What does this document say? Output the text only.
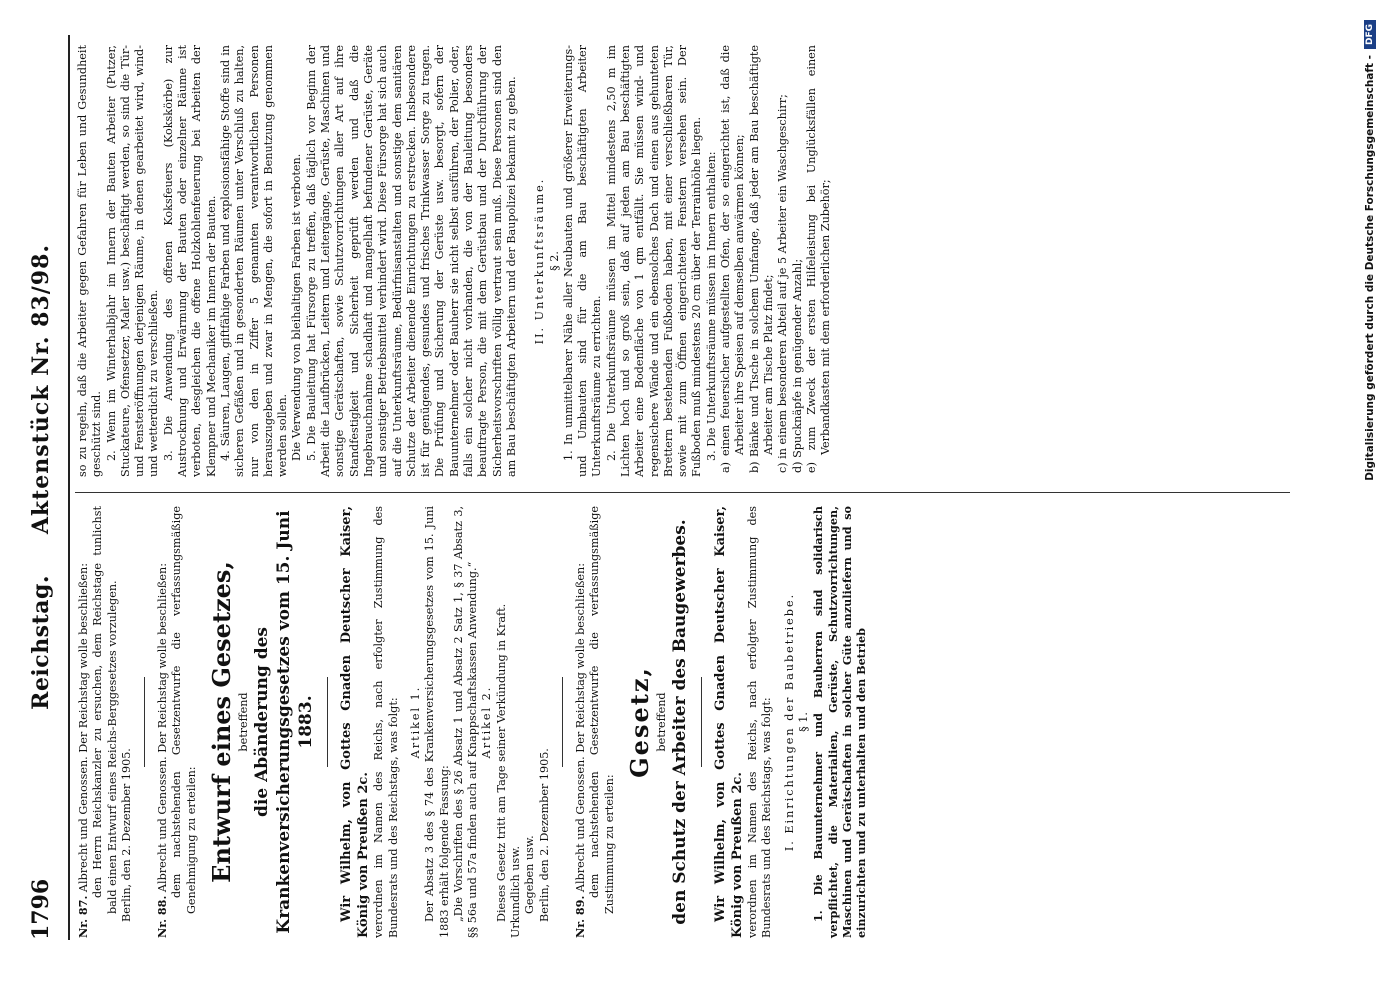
1796
Reichstag.     Aktenstück Nr. 83/98.

Nr. 87. Albrecht und Genossen. Der Reichstag wolle beschließen: den Herrn Reichskanzler zu ersuchen, dem Reichstage tunlichst bald einen Entwurf eines Reichs-Berggesetzes vorzulegen. Berlin, den 2. Dezember 1905. Nr. 88. Albrecht und Genossen. Der Reichstag wolle beschließen: dem nachstehenden Gesetzentwurfe die verfassungsmäßige Genehmigung zu erteilen: Entwurf eines Gesetzes, betreffend die Abänderung des Krankenversicherungsgesetzes vom 15. Juni 1883. Wir Wilhelm, von Gottes Gnaden Deutscher Kaiser, König von Preußen 2c. verordnen im Namen des Reichs, nach erfolgter Zustimmung des Bundesrats und des Reichstags, was folgt: Artikel 1. Der Absatz 3 des § 74 des Krankenversicherungsgesetzes vom 15. Juni 1883 erhält folgende Fassung: „Die Vorschriften des § 26 Absatz 1 und Absatz 2 Satz 1, § 37 Absatz 3, §§ 56a und 57a finden auch auf Knappschaftskassen Anwendung.“ Artikel 2. Dieses Gesetz tritt am Tage seiner Verkündung in Kraft. Urkundlich usw. Gegeben usw. Berlin, den 2. Dezember 1905. Nr. 89. Albrecht und Genossen. Der Reichstag wolle beschließen: dem nachstehenden Gesetzentwurfe die verfassungsmäßige Zustimmung zu erteilen:

Gesetz, betreffend den Schutz der Arbeiter des Baugewerbes. Wir Wilhelm, von Gottes Gnaden Deutscher Kaiser, König von Preußen 2c. verordnen im Namen des Reichs, nach erfolgter Zustimmung des Bundesrats und des Reichstags, was folgt: I. Einrichtungen der Baubetriebe. § 1. 1. Die Bauunternehmer und Bauherren sind solidarisch verpflichtet, die Materialien, Gerüste, Schutzvorrichtungen, Maschinen und Gerätschaften in solcher Güte anzuliefern und so einzurichten und zu unterhalten und den Betrieb

so zu regeln, daß die Arbeiter gegen Gefahren für Leben und Gesundheit geschützt sind. 2. Wenn im Winterhalbjahr im Innern der Bauten Arbeiter (Putzer, Stuckateure, Ofensetzer, Maler usw.) beschäftigt werden, so sind die Tür- und Fensteröffnungen derjenigen Räume, in denen gearbeitet wird, wind- und wetterdicht zu verschließen. 3. Die Anwendung des offenen Koksfeuers (Kokskörbe) zur Austrocknung und Erwärmung der Bauten oder einzelner Räume ist verboten, desgleichen die offene Holzkohlenfeuerung bei Arbeiten der Klempner und Mechaniker im Innern der Bauten. 4. Säuren, Laugen, giftfähige Farben und explosionsfähige Stoffe sind in sicheren Gefäßen und in gesonderten Räumen unter Verschluß zu halten, nur von den in Ziffer 5 genannten verantwortlichen Personen herauszugeben und zwar in Mengen, die sofort in Benutzung genommen werden sollen. Die Verwendung von bleihaltigen Farben ist verboten. 5. Die Bauleitung hat Fürsorge zu treffen, daß täglich vor Beginn der Arbeit die Laufbrücken, Leitern und Leitergänge, Gerüste, Maschinen und sonstige Gerätschaften, sowie Schutzvorrichtungen aller Art auf ihre Standfestigkeit und Sicherheit geprüft werden und daß die Ingebrauchnahme schadhaft und mangelhaft befundener Gerüste, Geräte und sonstiger Betriebsmittel verhindert wird. Diese Fürsorge hat sich auch auf die Unterkunftsräume, Bedürfnisanstalten und sonstige dem sanitären Schutze der Arbeiter dienende Einrichtungen zu erstrecken. Insbesondere ist für genügendes, gesundes und frisches Trinkwasser Sorge zu tragen. Die Prüfung und Sicherung der Gerüste usw. besorgt, sofern der Bauunternehmer oder Bauherr sie nicht selbst ausführen, der Polier, oder, falls ein solcher nicht vorhanden, die von der Bauleitung besonders beauftragte Person, die mit dem Gerüstbau und der Durchführung der Sicherheitsvorschriften völlig vertraut sein muß. Diese Personen sind den am Bau beschäftigten Arbeitern und der Baupolizei bekannt zu geben. II. Unterkunftsräume. § 2. 1. In unmittelbarer Nähe aller Neubauten und größerer Erweiterungs- und Umbauten sind für die am Bau beschäftigten Arbeiter Unterkunftsräume zu errichten. 2. Die Unterkunftsräume müssen im Mittel mindestens 2,50 m im Lichten hoch und so groß sein, daß auf jeden am Bau beschäftigten Arbeiter eine Bodenfläche von 1 qm entfällt. Sie müssen wind- und regensichere Wände und ein ebensolches Dach und einen aus gehunteten Brettern bestehenden Fußboden haben, mit einer verschließbaren Tür, sowie mit zum Öffnen eingerichteten Fenstern versehen sein. Der Fußboden muß mindestens 20 cm über der Terrainhöhe liegen. 3. Die Unterkunftsräume müssen im Innern enthalten: a) einen feuersicher aufgestellten Ofen, der so eingerichtet ist, daß die Arbeiter ihre Speisen auf demselben anwärmen können; b) Bänke und Tische in solchem Umfange, daß jeder am Bau beschäftigte Arbeiter am Tische Platz findet; c) in einem besonderen Abteil auf je 5 Arbeiter ein Waschgeschirr; d) Spucknäpfe in genügender Anzahl; e) zum Zweck der ersten Hilfeleistung bei Unglücksfällen einen Verbandkasten mit dem erforderlichen Zubehör;	Digitalisierung gefördert durch die Deutsche Forschungsgemeinschaft -
DFG
